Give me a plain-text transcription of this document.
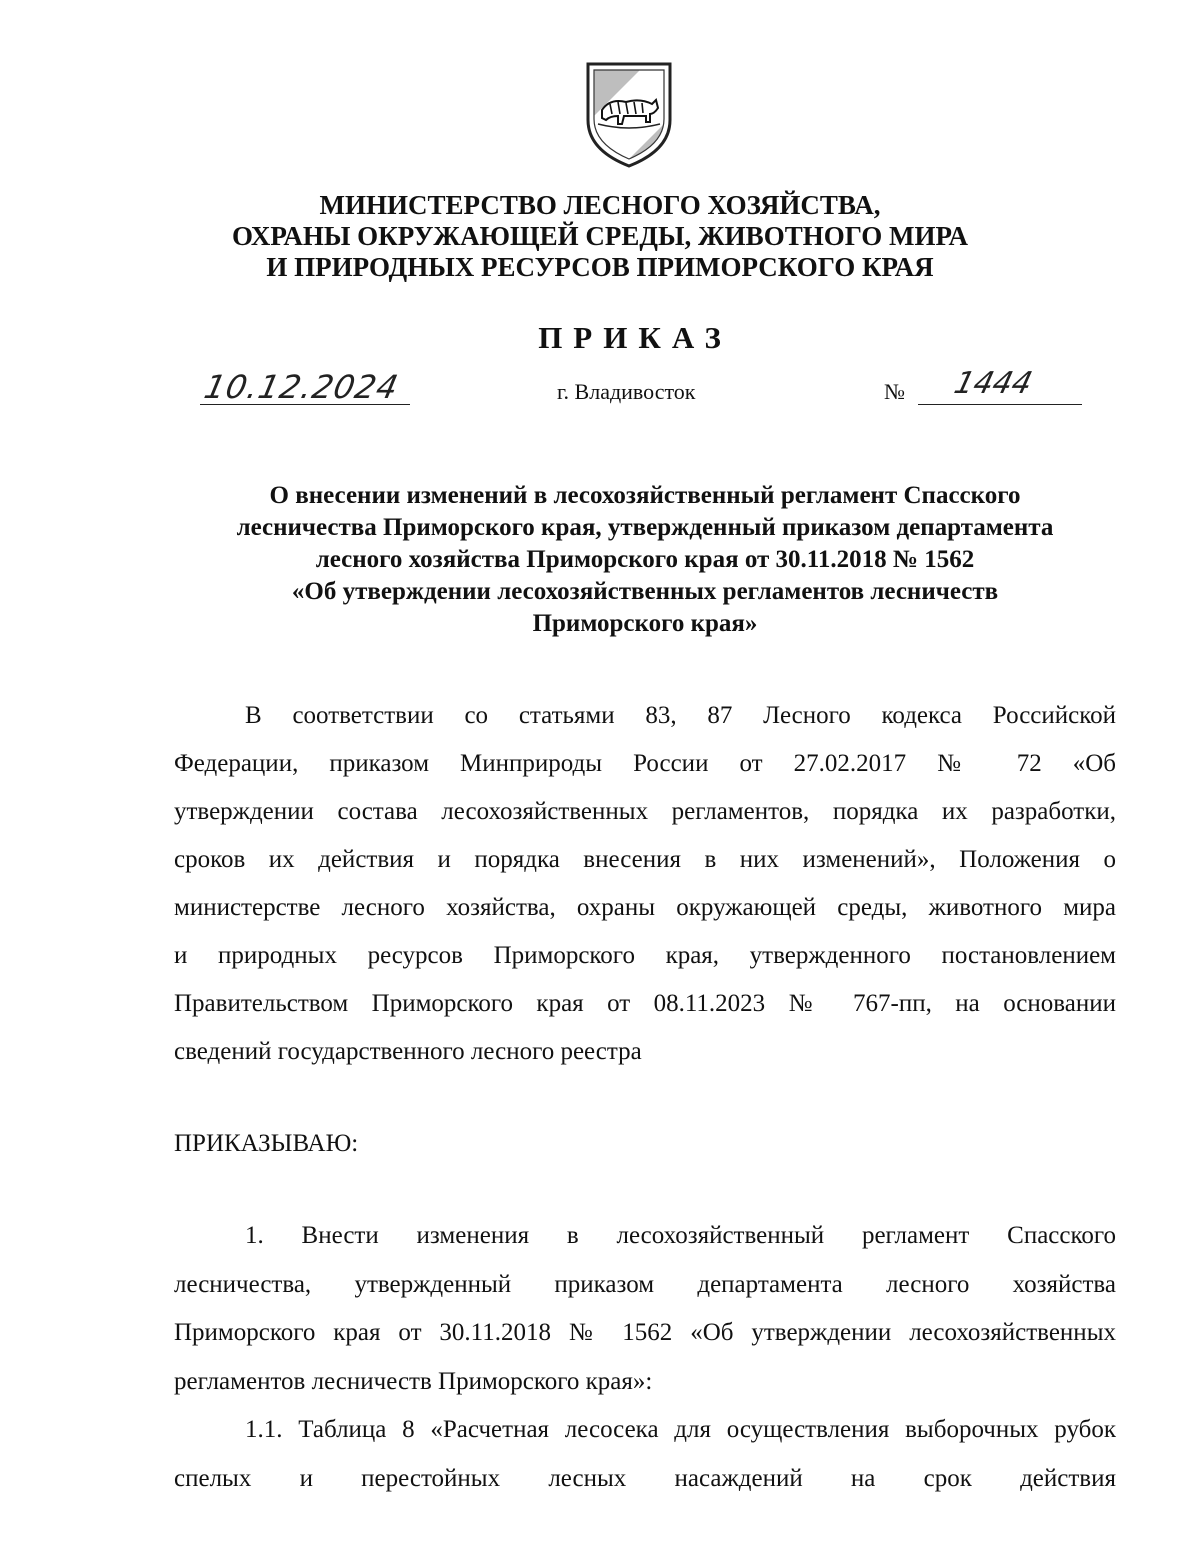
МИНИСТЕРСТВО ЛЕСНОГО ХОЗЯЙСТВА,
ОХРАНЫ ОКРУЖАЮЩЕЙ СРЕДЫ, ЖИВОТНОГО МИРА
И ПРИРОДНЫХ РЕСУРСОВ ПРИМОРСКОГО КРАЯ
ПРИКАЗ
10.12.2024	г. Владивосток	№ 1444
О внесении изменений в лесохозяйственный регламент Спасского
лесничества Приморского края, утвержденный приказом департамента
лесного хозяйства Приморского края от 30.11.2018 № 1562
«Об утверждении лесохозяйственных регламентов лесничеств
Приморского края»
В соответствии со статьями 83, 87 Лесного кодекса Российской
Федерации, приказом Минприроды России от 27.02.2017 № 72 «Об
утверждении состава лесохозяйственных регламентов, порядка их разработки,
сроков их действия и порядка внесения в них изменений», Положения о
министерстве лесного хозяйства, охраны окружающей среды, животного мира
и природных ресурсов Приморского края, утвержденного постановлением
Правительством Приморского края от 08.11.2023 № 767-пп, на основании
сведений государственного лесного реестра
ПРИКАЗЫВАЮ:
1. Внести изменения в лесохозяйственный регламент Спасского
лесничества, утвержденный приказом департамента лесного хозяйства
Приморского края от 30.11.2018 № 1562 «Об утверждении лесохозяйственных
регламентов лесничеств Приморского края»:
1.1. Таблица 8 «Расчетная лесосека для осуществления выборочных рубок
спелых и перестойных лесных насаждений на срок действия
